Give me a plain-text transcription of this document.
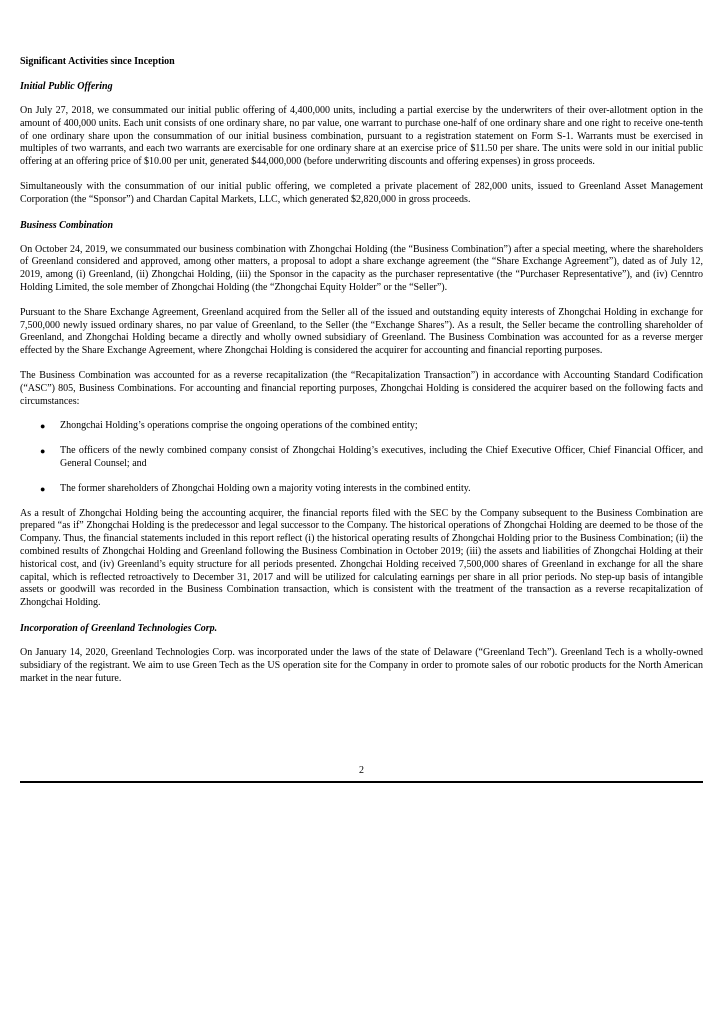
Significant Activities since Inception
Initial Public Offering

On July 27, 2018, we consummated our initial public offering of 4,400,000 units, including a partial exercise by the underwriters of their over-allotment option in the amount of 400,000 units. Each unit consists of one ordinary share, no par value, one warrant to purchase one-half of one ordinary share and one right to receive one-tenth of one ordinary share upon the consummation of our initial business combination, pursuant to a registration statement on Form S-1. Warrants must be exercised in multiples of two warrants, and each two warrants are exercisable for one ordinary share at an exercise price of $11.50 per share. The units were sold in our initial public offering at an offering price of $10.00 per unit, generated $44,000,000 (before underwriting discounts and offering expenses) in gross proceeds.

Simultaneously with the consummation of our initial public offering, we completed a private placement of 282,000 units, issued to Greenland Asset Management Corporation (the “Sponsor”) and Chardan Capital Markets, LLC, which generated $2,820,000 in gross proceeds.

Business Combination

On October 24, 2019, we consummated our business combination with Zhongchai Holding (the “Business Combination”) after a special meeting, where the shareholders of Greenland considered and approved, among other matters, a proposal to adopt a share exchange agreement (the “Share Exchange Agreement”), dated as of July 12, 2019, among (i) Greenland, (ii) Zhongchai Holding, (iii) the Sponsor in the capacity as the purchaser representative (the “Purchaser Representative”), and (iv) Cenntro Holding Limited, the sole member of Zhongchai Holding (the “Zhongchai Equity Holder” or the “Seller”).

Pursuant to the Share Exchange Agreement, Greenland acquired from the Seller all of the issued and outstanding equity interests of Zhongchai Holding in exchange for 7,500,000 newly issued ordinary shares, no par value of Greenland, to the Seller (the “Exchange Shares”). As a result, the Seller became the controlling shareholder of Greenland, and Zhongchai Holding became a directly and wholly owned subsidiary of Greenland. The Business Combination was accounted for as a reverse merger effected by the Share Exchange Agreement, where Zhongchai Holding is considered the acquirer for accounting and financial reporting purposes.

The Business Combination was accounted for as a reverse recapitalization (the “Recapitalization Transaction”) in accordance with Accounting Standard Codification (“ASC”) 805, Business Combinations. For accounting and financial reporting purposes, Zhongchai Holding is considered the acquirer based on the following facts and circumstances:

●	Zhongchai Holding’s operations comprise the ongoing operations of the combined entity;
●	The officers of the newly combined company consist of Zhongchai Holding’s executives, including the Chief Executive Officer, Chief Financial Officer, and General Counsel; and
●	The former shareholders of Zhongchai Holding own a majority voting interests in the combined entity.

As a result of Zhongchai Holding being the accounting acquirer, the financial reports filed with the SEC by the Company subsequent to the Business Combination are prepared “as if” Zhongchai Holding is the predecessor and legal successor to the Company. The historical operations of Zhongchai Holding are deemed to be those of the Company. Thus, the financial statements included in this report reflect (i) the historical operating results of Zhongchai Holding prior to the Business Combination; (ii) the combined results of Zhongchai Holding and Greenland following the Business Combination in October 2019; (iii) the assets and liabilities of Zhongchai Holding at their historical cost, and (iv) Greenland’s equity structure for all periods presented. Zhongchai Holding received 7,500,000 shares of Greenland in exchange for all the share capital, which is reflected retroactively to December 31, 2017 and will be utilized for calculating earnings per share in all prior periods. No step-up basis of intangible assets or goodwill was recorded in the Business Combination transaction, which is consistent with the treatment of the transaction as a reverse recapitalization of Zhongchai Holding.

Incorporation of Greenland Technologies Corp.

On January 14, 2020, Greenland Technologies Corp. was incorporated under the laws of the state of Delaware (“Greenland Tech”). Greenland Tech is a wholly-owned subsidiary of the registrant. We aim to use Green Tech as the US operation site for the Company in order to promote sales of our robotic products for the North American market in the near future.

2
